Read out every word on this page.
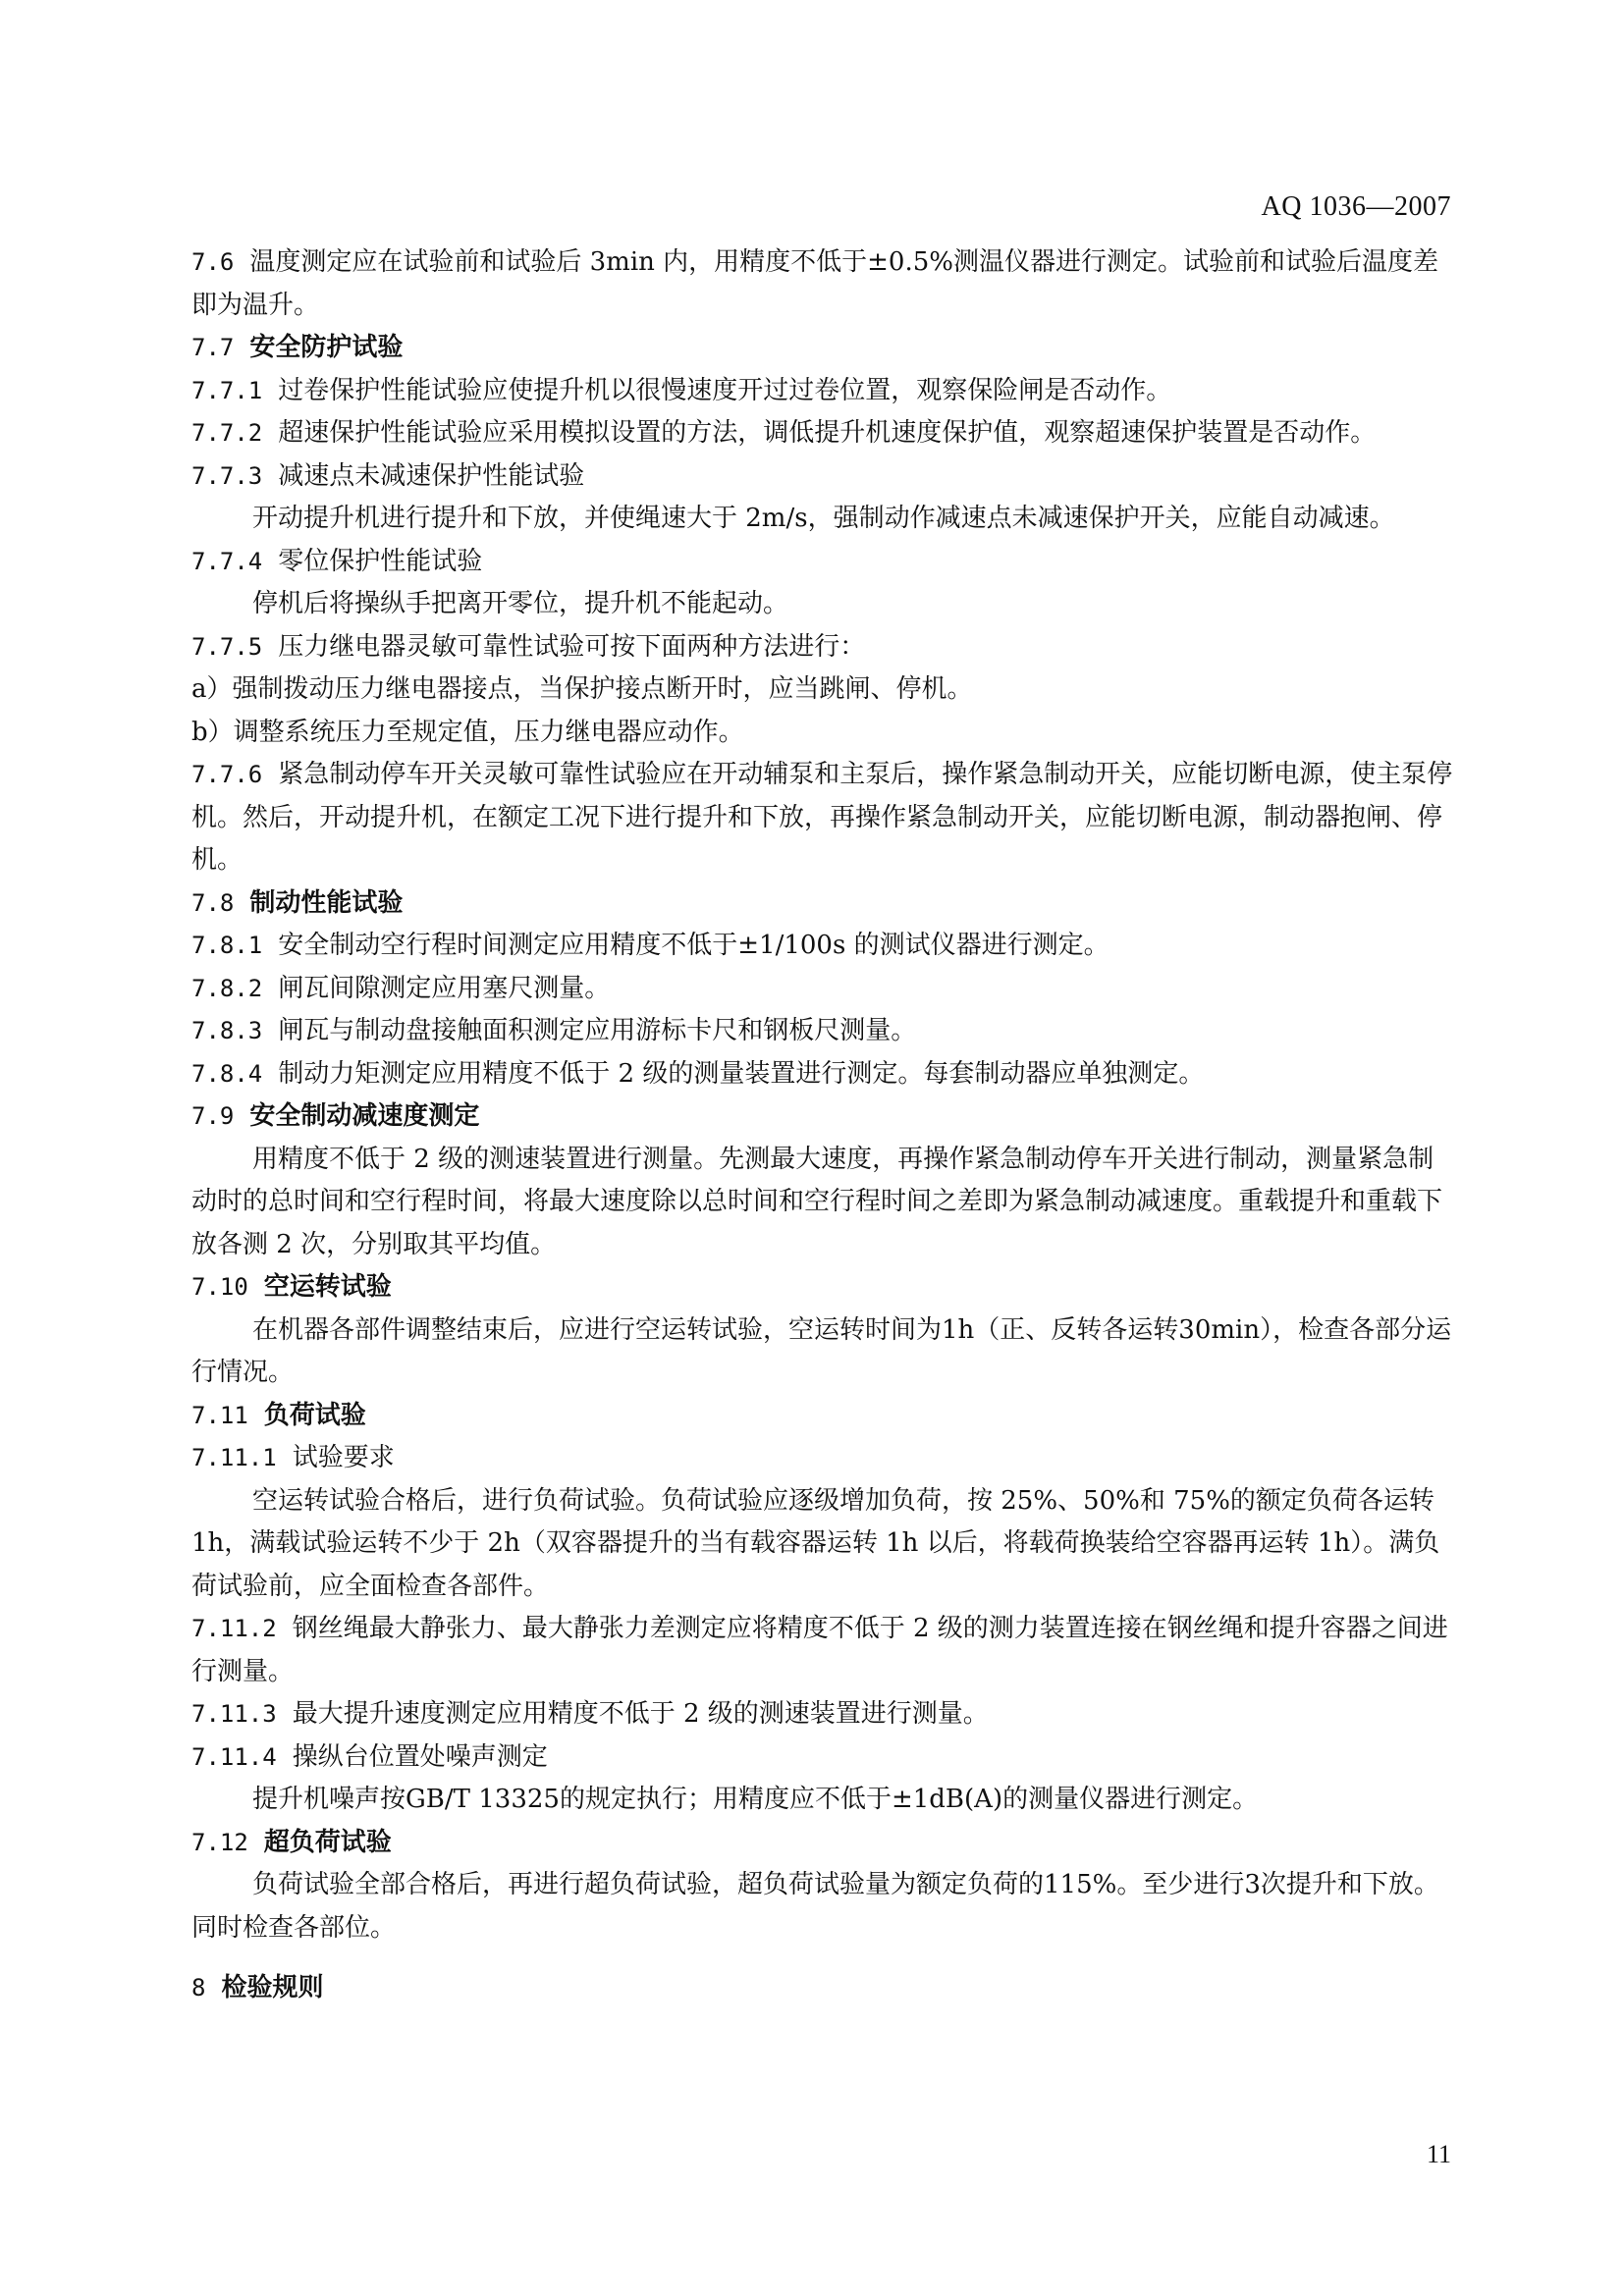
AQ 1036—2007

7.6 温度测定应在试验前和试验后 3min 内，用精度不低于±0.5%测温仪器进行测定。试验前和试验后温度差即为温升。

7.7 安全防护试验

7.7.1 过卷保护性能试验应使提升机以很慢速度开过过卷位置，观察保险闸是否动作。

7.7.2 超速保护性能试验应采用模拟设置的方法，调低提升机速度保护值，观察超速保护装置是否动作。

7.7.3 减速点未减速保护性能试验

开动提升机进行提升和下放，并使绳速大于 2m/s，强制动作减速点未减速保护开关，应能自动减速。

7.7.4 零位保护性能试验

停机后将操纵手把离开零位，提升机不能起动。

7.7.5 压力继电器灵敏可靠性试验可按下面两种方法进行：

a）强制拨动压力继电器接点，当保护接点断开时，应当跳闸、停机。

b）调整系统压力至规定值，压力继电器应动作。

7.7.6 紧急制动停车开关灵敏可靠性试验应在开动辅泵和主泵后，操作紧急制动开关，应能切断电源，使主泵停机。然后，开动提升机，在额定工况下进行提升和下放，再操作紧急制动开关，应能切断电源，制动器抱闸、停机。

7.8 制动性能试验

7.8.1 安全制动空行程时间测定应用精度不低于±1/100s 的测试仪器进行测定。

7.8.2 闸瓦间隙测定应用塞尺测量。

7.8.3 闸瓦与制动盘接触面积测定应用游标卡尺和钢板尺测量。

7.8.4 制动力矩测定应用精度不低于 2 级的测量装置进行测定。每套制动器应单独测定。

7.9 安全制动减速度测定

用精度不低于 2 级的测速装置进行测量。先测最大速度，再操作紧急制动停车开关进行制动，测量紧急制动时的总时间和空行程时间，将最大速度除以总时间和空行程时间之差即为紧急制动减速度。重载提升和重载下放各测 2 次，分别取其平均值。

7.10 空运转试验

在机器各部件调整结束后，应进行空运转试验，空运转时间为1h（正、反转各运转30min），检查各部分运行情况。

7.11 负荷试验

7.11.1 试验要求

空运转试验合格后，进行负荷试验。负荷试验应逐级增加负荷，按 25%、50%和 75%的额定负荷各运转 1h，满载试验运转不少于 2h（双容器提升的当有载容器运转 1h 以后，将载荷换装给空容器再运转 1h）。满负荷试验前，应全面检查各部件。

7.11.2 钢丝绳最大静张力、最大静张力差测定应将精度不低于 2 级的测力装置连接在钢丝绳和提升容器之间进行测量。

7.11.3 最大提升速度测定应用精度不低于 2 级的测速装置进行测量。

7.11.4 操纵台位置处噪声测定

提升机噪声按GB/T 13325的规定执行；用精度应不低于±1dB(A)的测量仪器进行测定。

7.12 超负荷试验

负荷试验全部合格后，再进行超负荷试验，超负荷试验量为额定负荷的115%。至少进行3次提升和下放。同时检查各部位。

8 检验规则

11
